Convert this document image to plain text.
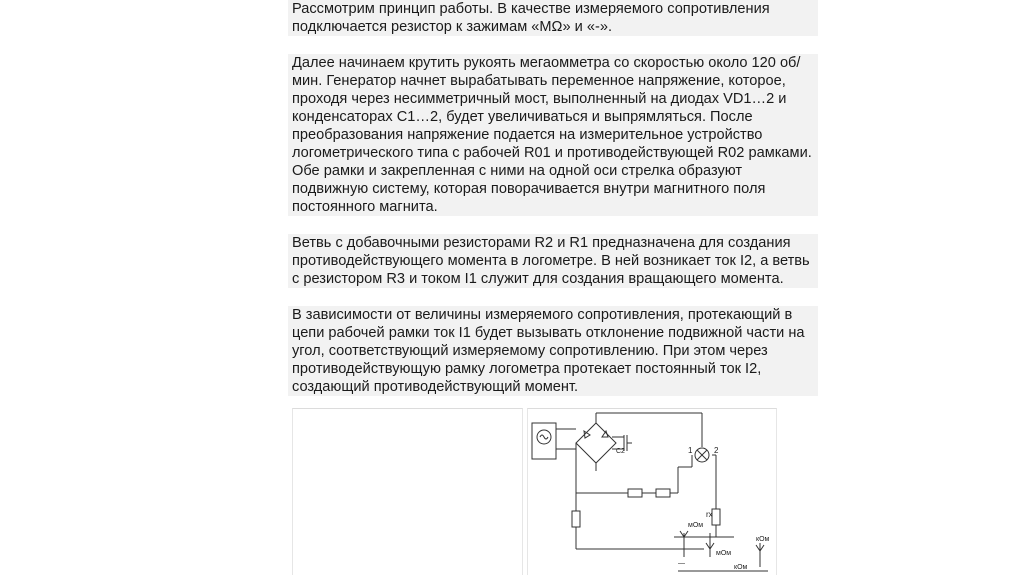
Рассмотрим принцип работы. В качестве измеряемого сопротивления подключается резистор к зажимам «МΩ» и «-».

Далее начинаем крутить рукоять мегаомметра со скоростью около 120 об/мин. Генератор начнет вырабатывать переменное напряжение, которое, проходя через несимметричный мост, выполненный на диодах VD1…2 и конденсаторах С1…2, будет увеличиваться и выпрямляться. После преобразования напряжение подается на измерительное устройство логометрического типа с рабочей R01 и противодействующей R02 рамками. Обе рамки и закрепленная с ними на одной оси стрелка образуют подвижную систему, которая поворачивается внутри магнитного поля постоянного магнита.

Ветвь с добавочными резисторами R2 и R1 предназначена для создания противодействующего момента в логометре. В ней возникает ток I2, а ветвь с резистором R3 и током I1 служит для создания вращающего момента.

В зависимости от величины измеряемого сопротивления, протекающий в цепи рабочей рамки ток I1 будет вызывать отклонение подвижной части на угол, соответствующий измеряемому сопротивлению. При этом через противодействующую рамку логометра протекает постоянный ток I2, создающий противодействующий момент.

С2	1	2
rх
мОм
мОм
кОм
кОм
—
